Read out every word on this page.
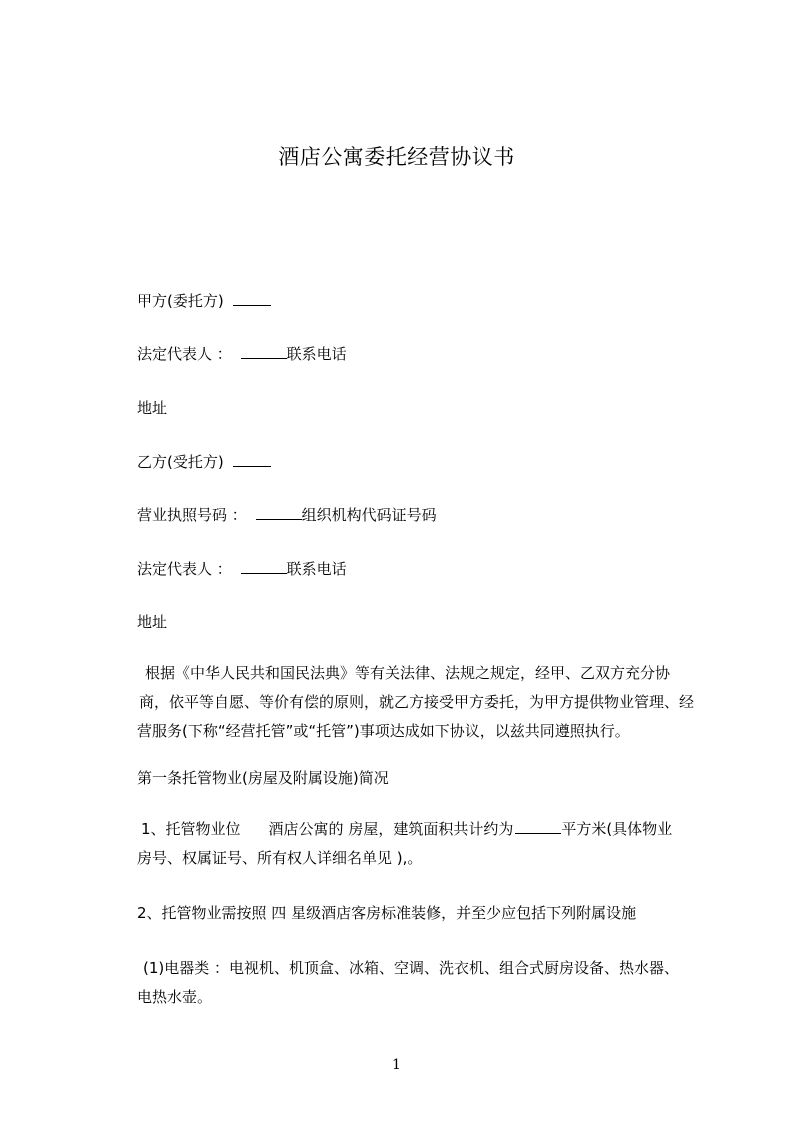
酒店公寓委托经营协议书
甲方(委托方)
法定代表人 ：	联系电话
地址
乙方(受托方)
营业执照号码 ：	组织机构代码证号码
法定代表人 ：	联系电话
地址
根据《中华人民共和国民法典》等有关法律、法规之规定，经甲、乙双方充分协
商，依平等自愿、等价有偿的原则，就乙方接受甲方委托，为甲方提供物业管理、经
营服务(下称“经营托管”或“托管”)事项达成如下协议，以兹共同遵照执行。
第一条托管物业(房屋及附属设施)简况
1、托管物业位 酒店公寓的 房屋，建筑面积共计约为	平方米(具体物业
房号、权属证号、所有权人详细名单见 ),。
2、托管物业需按照 四 星级酒店客房标准装修，并至少应包括下列附属设施
(1)电器类 ：电视机、机顶盒、冰箱、空调、洗衣机、组合式厨房设备、热水器、
电热水壶。
1
